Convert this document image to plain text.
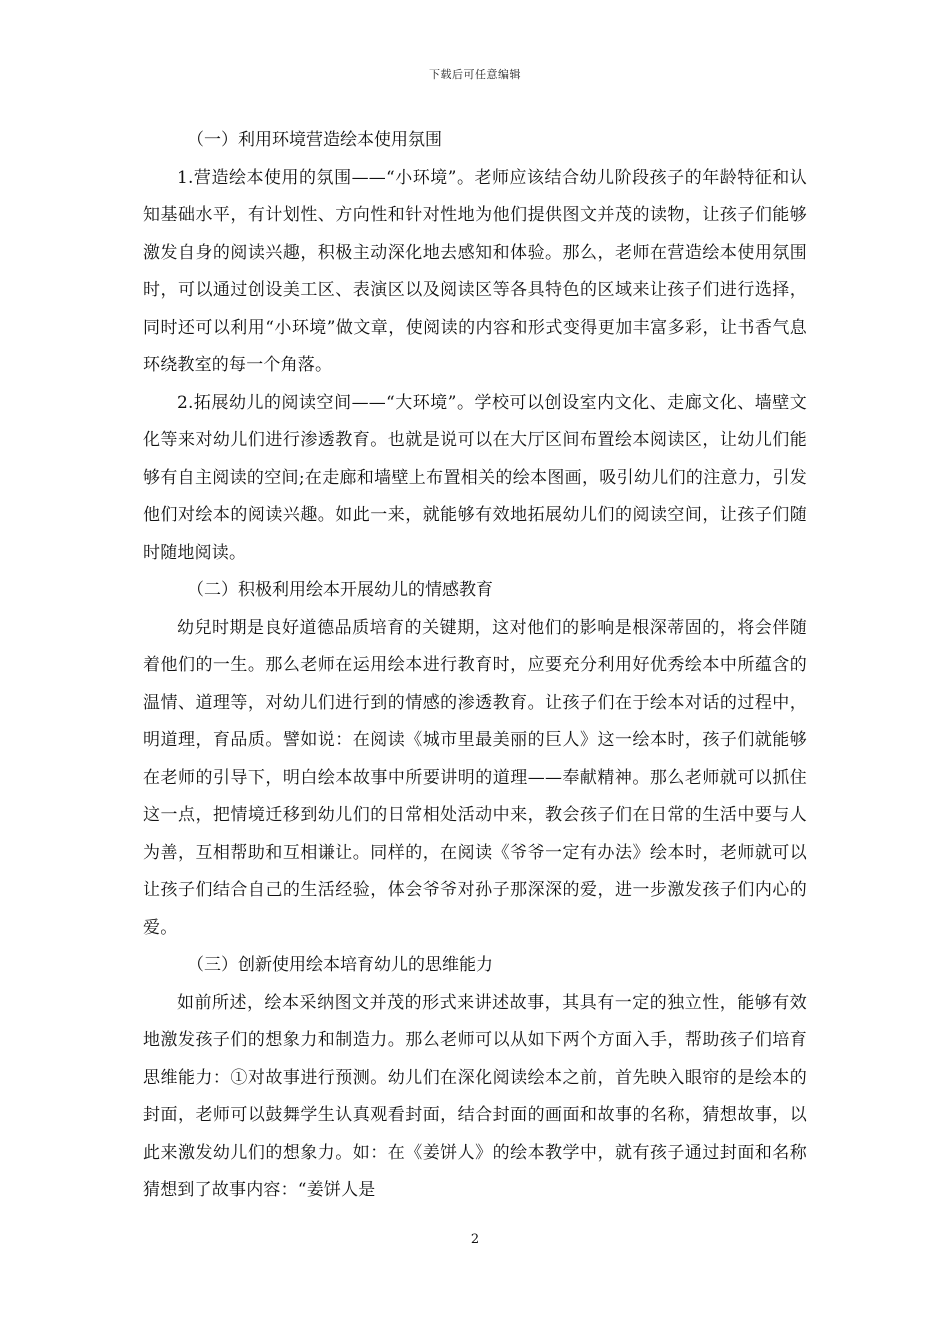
下载后可任意编辑

（一）利用环境营造绘本使用氛围

1.营造绘本使用的氛围——“小环境”。老师应该结合幼儿阶段孩子的年龄特征和认知基础水平，有计划性、方向性和针对性地为他们提供图文并茂的读物，让孩子们能够激发自身的阅读兴趣，积极主动深化地去感知和体验。那么，老师在营造绘本使用氛围时，可以通过创设美工区、表演区以及阅读区等各具特色的区域来让孩子们进行选择，同时还可以利用“小环境”做文章，使阅读的内容和形式变得更加丰富多彩，让书香气息环绕教室的每一个角落。

2.拓展幼儿的阅读空间——“大环境”。学校可以创设室内文化、走廊文化、墙壁文化等来对幼儿们进行渗透教育。也就是说可以在大厅区间布置绘本阅读区，让幼儿们能够有自主阅读的空间;在走廊和墙壁上布置相关的绘本图画，吸引幼儿们的注意力，引发他们对绘本的阅读兴趣。如此一来，就能够有效地拓展幼儿们的阅读空间，让孩子们随时随地阅读。

（二）积极利用绘本开展幼儿的情感教育

幼兒时期是良好道德品质培育的关键期，这对他们的影响是根深蒂固的，将会伴随着他们的一生。那么老师在运用绘本进行教育时，应要充分利用好优秀绘本中所蕴含的温情、道理等，对幼儿们进行到的情感的渗透教育。让孩子们在于绘本对话的过程中，明道理，育品质。譬如说：在阅读《城市里最美丽的巨人》这一绘本时，孩子们就能够在老师的引导下，明白绘本故事中所要讲明的道理——奉献精神。那么老师就可以抓住这一点，把情境迁移到幼儿们的日常相处活动中来，教会孩子们在日常的生活中要与人为善，互相帮助和互相谦让。同样的，在阅读《爷爷一定有办法》绘本时，老师就可以让孩子们结合自己的生活经验，体会爷爷对孙子那深深的爱，进一步激发孩子们内心的爱。

（三）创新使用绘本培育幼儿的思维能力

如前所述，绘本采纳图文并茂的形式来讲述故事，其具有一定的独立性，能够有效地激发孩子们的想象力和制造力。那么老师可以从如下两个方面入手，帮助孩子们培育思维能力：①对故事进行预测。幼儿们在深化阅读绘本之前，首先映入眼帘的是绘本的封面，老师可以鼓舞学生认真观看封面，结合封面的画面和故事的名称，猜想故事，以此来激发幼儿们的想象力。如：在《姜饼人》的绘本教学中，就有孩子通过封面和名称猜想到了故事内容：“姜饼人是

2
